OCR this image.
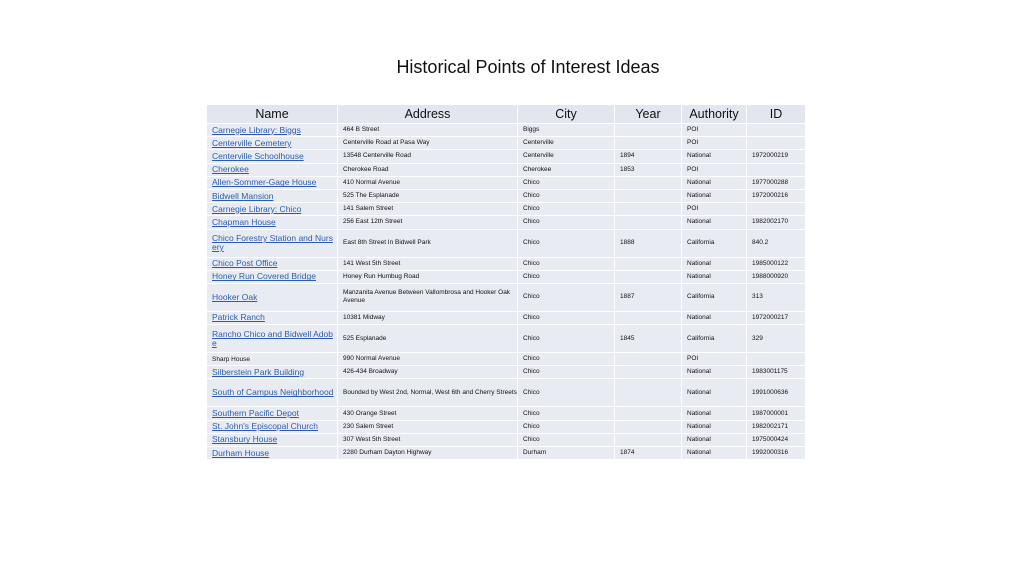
Historical Points of Interest Ideas
Name	Address	City	Year	Authority	ID
Carnegie Library: Biggs	464 B Street	Biggs		POI	
Centerville Cemetery	Centerville Road at Pasa Way	Centerville		POI	
Centerville Schoolhouse	13548 Centerville Road	Centerville	1894	National	1972000219
Cherokee	Cherokee Road	Cherokee	1853	POI	
Allen-Sommer-Gage House	410 Normal Avenue	Chico		National	1977000288
Bidwell Mansion	525 The Esplanade	Chico		National	1972000216
Carnegie Library: Chico	141 Salem Street	Chico		POI	
Chapman House	256 East 12th Street	Chico		National	1982002170
Chico Forestry Station and Nurs ery	East 8th Street In Bidwell Park	Chico	1888	California	840.2
Chico Post Office	141 West 5th Street	Chico		National	1985000122
Honey Run Covered Bridge	Honey Run Humbug Road	Chico		National	1988000920
Hooker Oak	Manzanita Avenue Between Vallombrosa and Hooker Oak Avenue	Chico	1887	California	313
Patrick Ranch	10381 Midway	Chico		National	1972000217
Rancho Chico and Bidwell Adob e	525 Esplanade	Chico	1845	California	329
Sharp House	990 Normal Avenue	Chico		POI	
Silberstein Park Building	426-434 Broadway	Chico		National	1983001175
South of Campus Neighborhood	Bounded by West 2nd, Normal, West 6th and Cherry Streets	Chico		National	1991000636
Southern Pacific Depot	430 Orange Street	Chico		National	1987000001
St. John's Episcopal Church	230 Salem Street	Chico		National	1982002171
Stansbury House	307 West 5th Street	Chico		National	1975000424
Durham House	2280 Durham Dayton Highway	Durham	1874	National	1992000316
